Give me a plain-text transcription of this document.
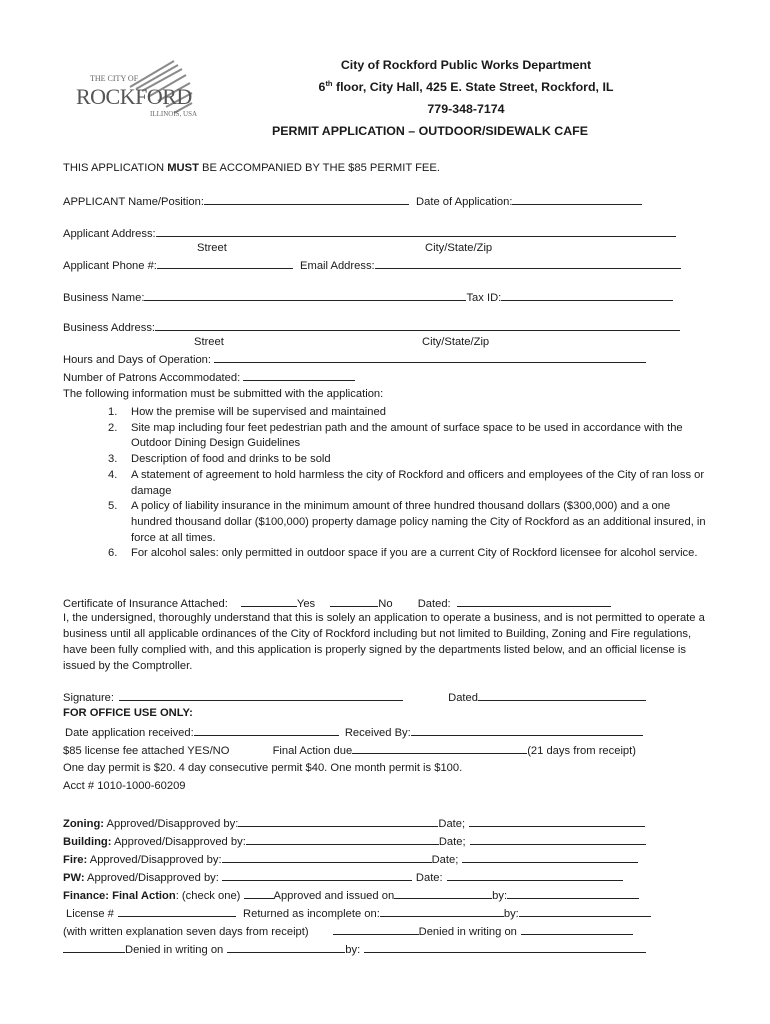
THE CITY OF
ROCKFORD
ILLINOIS, USA
City of Rockford Public Works Department
6th floor, City Hall, 425 E. State Street, Rockford, IL
779-348-7174
PERMIT APPLICATION – OUTDOOR/SIDEWALK CAFE
THIS APPLICATION MUST BE ACCOMPANIED BY THE $85 PERMIT FEE.
APPLICANT Name/Position:	Date of Application:
Applicant Address:
Street	City/State/Zip
Applicant Phone #:	Email Address:
Business Name:	Tax ID:
Business Address:
Street	City/State/Zip
Hours and Days of Operation:
Number of Patrons Accommodated:
The following information must be submitted with the application:
1. How the premise will be supervised and maintained
2. Site map including four feet pedestrian path and the amount of surface space to be used in accordance with the Outdoor Dining Design Guidelines
3. Description of food and drinks to be sold
4. A statement of agreement to hold harmless the city of Rockford and officers and employees of the City of ran loss or damage
5. A policy of liability insurance in the minimum amount of three hundred thousand dollars ($300,000) and a one hundred thousand dollar ($100,000) property damage policy naming the City of Rockford as an additional insured, in force at all times.
6. For alcohol sales: only permitted in outdoor space if you are a current City of Rockford licensee for alcohol service.
Certificate of Insurance Attached:	Yes	No Dated:
I, the undersigned, thoroughly understand that this is solely an application to operate a business, and is not permitted to operate a business until all applicable ordinances of the City of Rockford including but not limited to Building, Zoning and Fire regulations, have been fully complied with, and this application is properly signed by the departments listed below, and an official license is issued by the Comptroller.
Signature:	Dated
FOR OFFICE USE ONLY:
Date application received:	Received By:
$85 license fee attached YES/NO	Final Action due	(21 days from receipt)
One day permit is $20. 4 day consecutive permit $40. One month permit is $100.
Acct # 1010-1000-60209
Zoning: Approved/Disapproved by:	Date;
Building: Approved/Disapproved by:	Date;
Fire: Approved/Disapproved by:	Date;
PW: Approved/Disapproved by:	Date:
Finance: Final Action: (check one)	Approved and issued on	by:
License #	Returned as incomplete on:	by:
(with written explanation seven days from receipt)	Denied in writing on
Denied in writing on	by:
